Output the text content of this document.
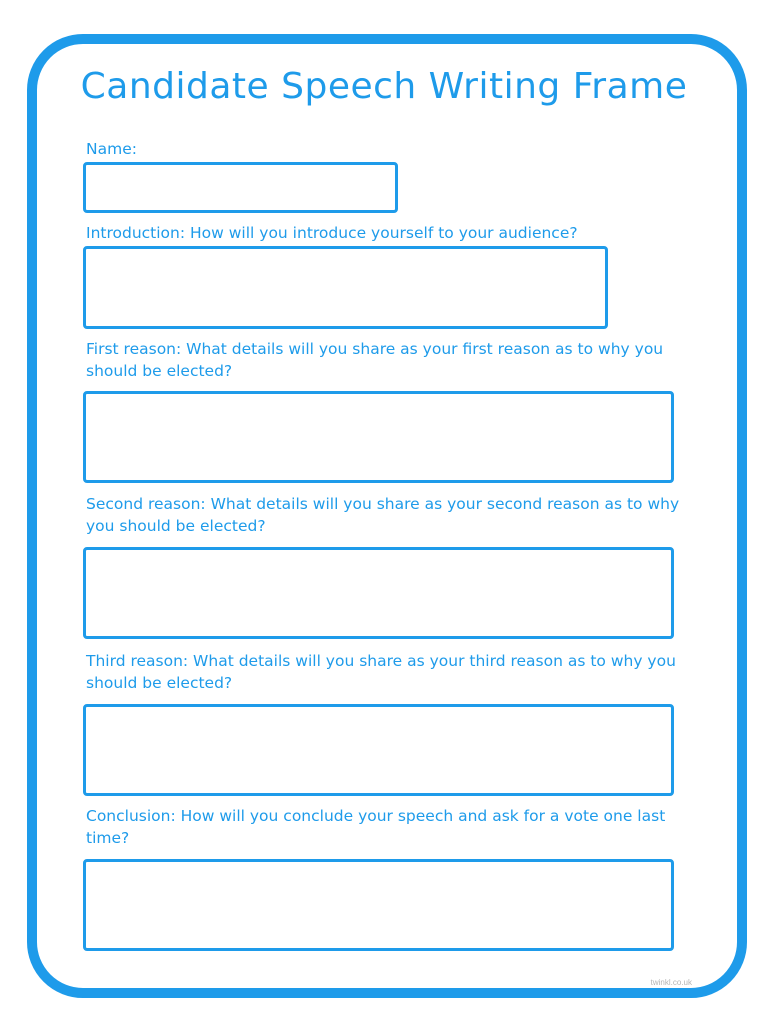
Candidate Speech Writing Frame

Name:

Introduction: How will you introduce yourself to your audience?

First reason: What details will you share as your first reason as to why you should be elected?

Second reason: What details will you share as your second reason as to why you should be elected?

Third reason: What details will you share as your third reason as to why you should be elected?

Conclusion: How will you conclude your speech and ask for a vote one last time?

twinkl.co.uk
